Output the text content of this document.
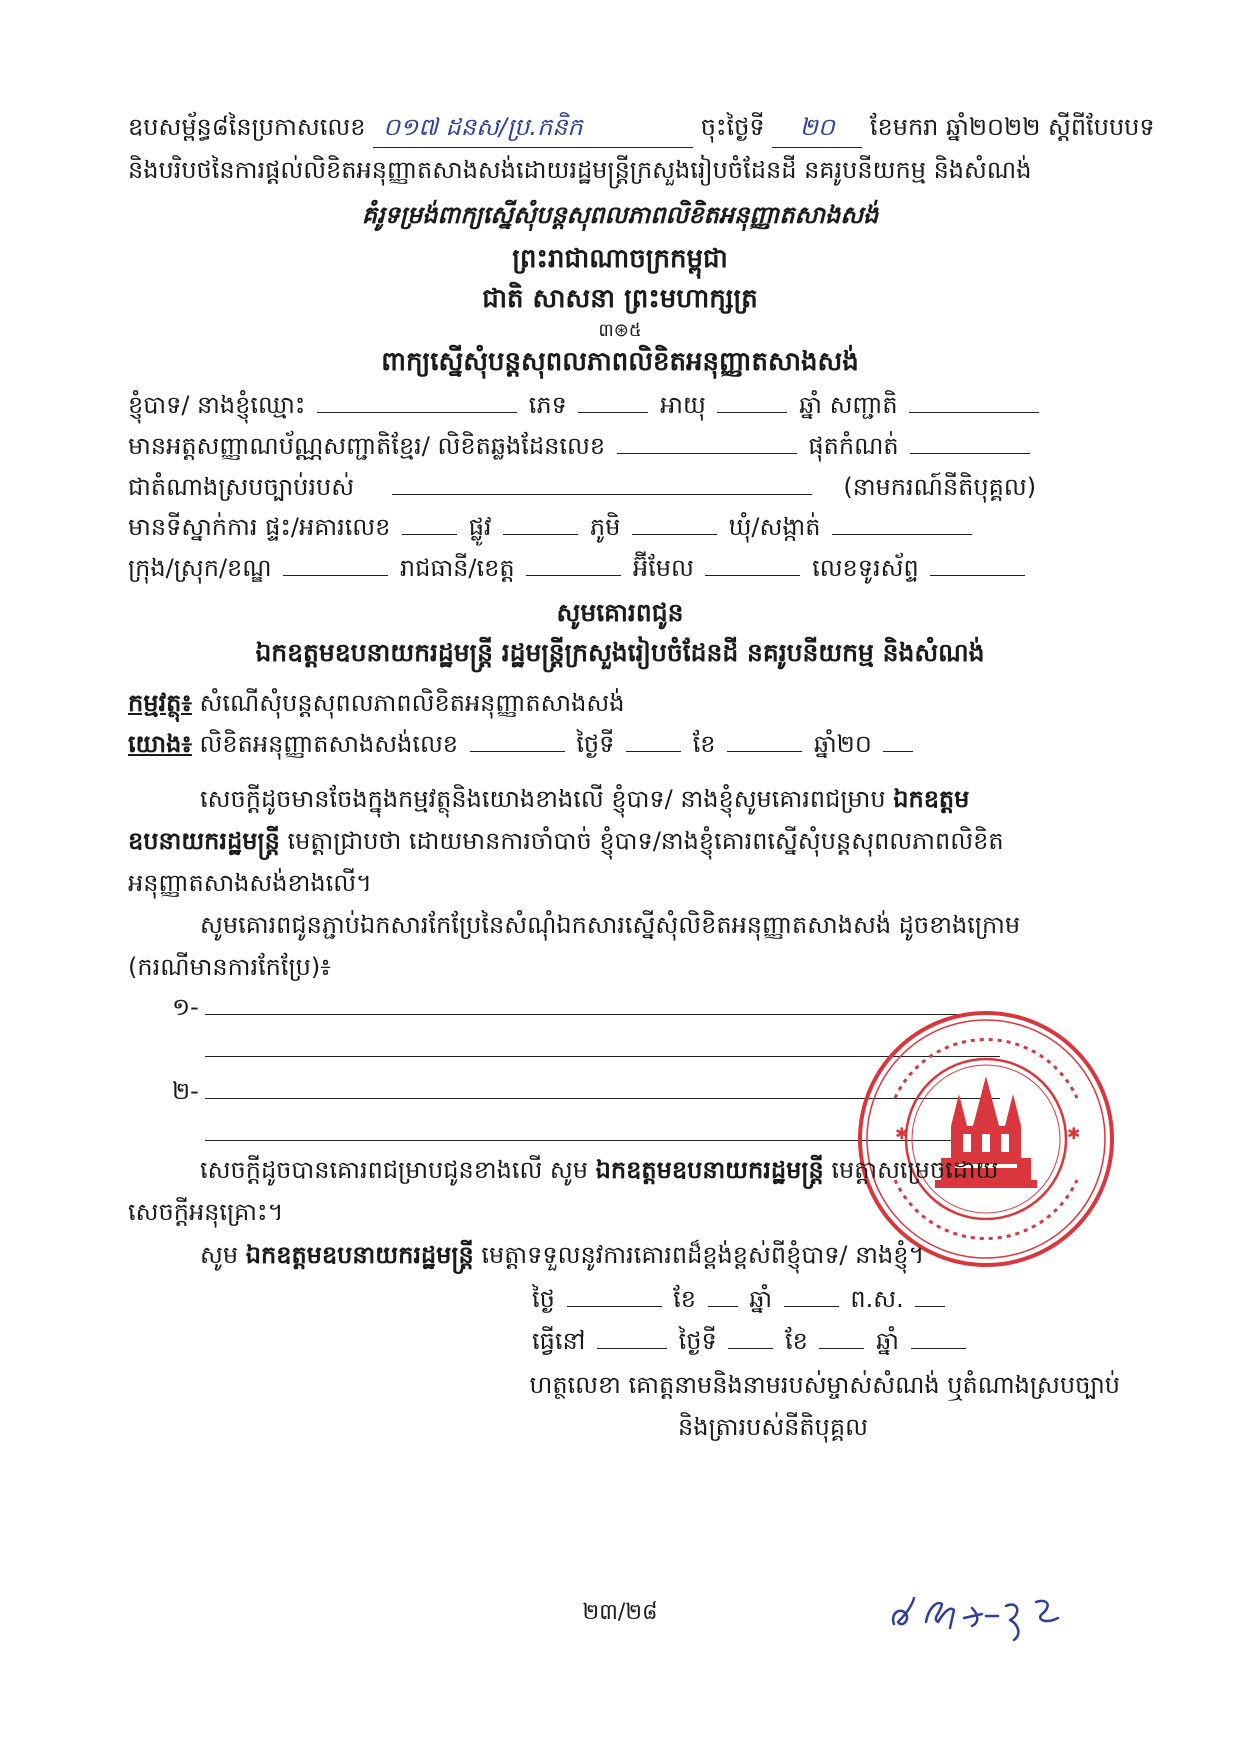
ឧបសម្ព័ន្ធ៨នៃប្រកាសលេខ ០១៧ ដនស/ប្រ.កនិក	ចុះថ្ងៃទី ២០ ខែមករា ឆ្នាំ២០២២ ស្តីពីបែបបទ
និងបរិបថនៃការផ្តល់លិខិតអនុញ្ញាតសាងសង់ដោយរដ្ឋមន្ត្រីក្រសួងរៀបចំដែនដី នគរូបនីយកម្ម និងសំណង់
គំរូទម្រង់ពាក្យស្នើសុំបន្តសុពលភាពលិខិតអនុញ្ញាតសាងសង់
ព្រះរាជាណាចក្រកម្ពុជា
ជាតិ សាសនា ព្រះមហាក្សត្រ
៣⊛៥
ពាក្យស្នើសុំបន្តសុពលភាពលិខិតអនុញ្ញាតសាងសង់
ខ្ញុំបាទ/ នាងខ្ញុំឈ្មោះ	ភេទ	អាយុ	ឆ្នាំ សញ្ជាតិ
មានអត្តសញ្ញាណប័ណ្ណសញ្ជាតិខ្មែរ/ លិខិតឆ្លងដែនលេខ	ផុតកំណត់
ជាតំណាងស្របច្បាប់របស់	(នាមករណ៍នីតិបុគ្គល)
មានទីស្នាក់ការ ផ្ទះ/អគារលេខ	ផ្លូវ	ភូមិ	ឃុំ/សង្កាត់
ក្រុង/ស្រុក/ខណ្ឌ	រាជធានី/ខេត្ត	អ៊ីមែល	លេខទូរស័ព្ទ
សូមគោរពជូន
ឯកឧត្តមឧបនាយករដ្ឋមន្ត្រី រដ្ឋមន្ត្រីក្រសួងរៀបចំដែនដី នគរូបនីយកម្ម និងសំណង់
កម្មវត្ថុ៖ សំណើសុំបន្តសុពលភាពលិខិតអនុញ្ញាតសាងសង់
យោង៖ លិខិតអនុញ្ញាតសាងសង់លេខ	ថ្ងៃទី	ខែ	ឆ្នាំ២០
សេចក្តីដូចមានចែងក្នុងកម្មវត្ថុនិងយោងខាងលើ ខ្ញុំបាទ/ នាងខ្ញុំសូមគោរពជម្រាប ឯកឧត្តម
ឧបនាយករដ្ឋមន្ត្រី មេត្តាជ្រាបថា ដោយមានការចាំបាច់ ខ្ញុំបាទ/នាងខ្ញុំគោរពស្នើសុំបន្តសុពលភាពលិខិត
អនុញ្ញាតសាងសង់ខាងលើ។
សូមគោរពជូនភ្ជាប់ឯកសារកែប្រែនៃសំណុំឯកសារស្នើសុំលិខិតអនុញ្ញាតសាងសង់ ដូចខាងក្រោម
(ករណីមានការកែប្រែ)៖
១-
២-
✱	✱
សេចក្តីដូចបានគោរពជម្រាបជូនខាងលើ សូម ឯកឧត្តមឧបនាយករដ្ឋមន្ត្រី មេត្តាសម្រេចដោយ
សេចក្តីអនុគ្រោះ។
សូម ឯកឧត្តមឧបនាយករដ្ឋមន្ត្រី មេត្តាទទួលនូវការគោរពដ៏ខ្ពង់ខ្ពស់ពីខ្ញុំបាទ/ នាងខ្ញុំ។
ថ្ងៃ	ខែ ឆ្នាំ	ព.ស.
ធ្វើនៅ	ថ្ងៃទី	ខែ	ឆ្នាំ
ហត្ថលេខា គោត្តនាមនិងនាមរបស់ម្ចាស់សំណង់ ឬតំណាងស្របច្បាប់
និងត្រារបស់នីតិបុគ្គល
២៣/២៨
